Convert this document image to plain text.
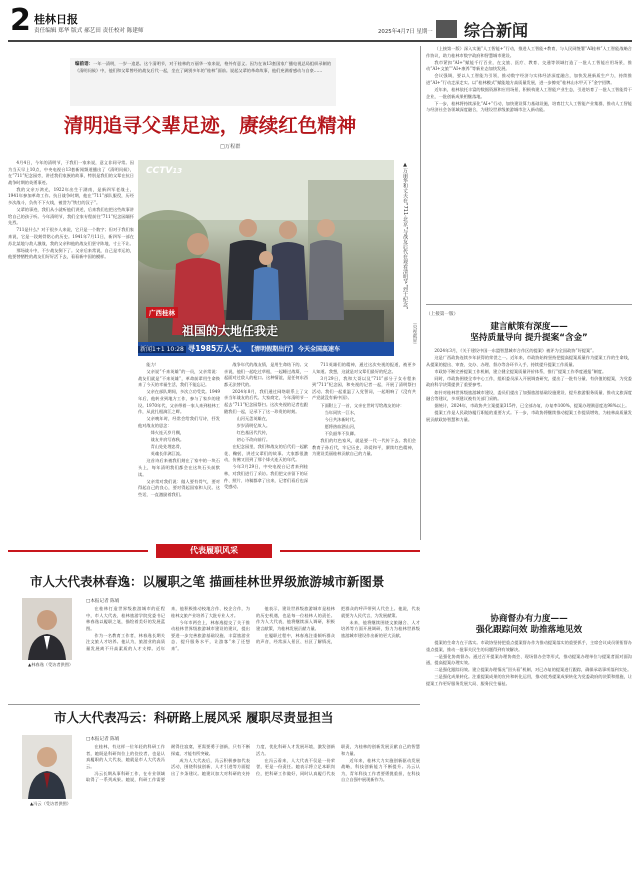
2 桂林日报
责任编辑 郑华 版式 郝艺田 责任校对 陈建师	2025年4月7日 星期一 综合新闻
编前语：一年一清明，一岁一追思。这个清明节，对于桂林的万丽华一家来说，格外有意义。因为在该13套国家广播电视总局组织录制的《清明问候》中，他们和父辈曾经的战友后代一起，坐在了阔别多年的“桂林”面前。说起父辈的革命故事，他们充满着感动与自豪……
清明追寻父辈足迹，赓续红色精神
□万程群
CCTV13
广西桂林
祖国的大地任我走
新闻1+1 10:28 寻1985万人大。 【清明假期出行】 今天全国高速车
▲万丽华和丈夫在“711·北京”与战友后代在观看清明节“烈士纪念”
（央视截屏）

4月4日，今年的清明节，于我们一家来说，意义非同寻常。因为当天早上10点，中央电视台13套新闻频道播出了《清明问候》，在“711”纪念园旁，讲述我们家族的故事，特别是我们的父辈在抗日战争时期的英勇事迹。

我的父亲万鸿光，1922年出生于湖南，是新四军老战士，1941年参加革命工作。抗日战争时期，他在“711”部队服役，历经多次战斗，负伤不下火线，被誉为“铁打的汉子”。

父辈的事迹，我们从小就听他们讲述，后来我们也把这些故事讲给自己的孩子听。今年清明节，我们全家专程前往“711”纪念园缅怀先烈。

711是什么？对于很多人来说，它只是一个数字；但对于我们家来说，它是一段刻骨铭心的历史。1941年7月11日，新四军一部在苏北某地与敌人激战，我的父亲和他的战友们坚守阵地，寸土不让。

那场战斗中，不少战友倒下了。父亲后来常说，自己是幸运的，他要替牺牲的战友们好好活下去，看看新中国的模样。

能力！

父亲说“千来英雄”的一员，父亲常说：战友们就是“不来英雄”，革命前辈用生命换来了今天的幸福生活，我们不能忘记。

父亲在部队期间，多次立功受奖。1949年后，他转业到地方工作，参与了家乡的建设。1970年代，父亲带着一家人来到桂林工作，从此扎根漓江之畔。

父亲晚年时，经常会给我们写诗，抒发他对战友的思念：

烽火连天岁月稠，

战友并肩写春秋。

青山处处埋忠骨，

英魂长伴漓江流。

这首诗后来被我们刻在了家中的一块石头上，每年清明我们都会在这块石头前默读。

父亲常对我们说：做人要有骨气，要对得起自己的良心，要对得起国家和人民。这些话，一直激励着我们。

战争年代的战友情，是用生命结下的。父亲说，他们一起吃过草根，一起睡过战壕，一起面对过敌人的枪口。这种情谊，是任何东西都无法替代的。

2024年8月，我们通过网络联系上了父亲当年战友的后代。大家商定，今年清明节一起去“711”纪念园祭扫。这次央视的记者也跟随我们一起，记录下了这一珍贵的时刻。

山河无恙英雄在，

岁岁清明忆故人。

红色基因代代传，

初心不改向前行。

在纪念园里，我们和战友的后代们一起献花、鞠躬，讲述父辈们的故事。大家都很激动，仿佛又回到了那个烽火连天的年代。

今年3月29日，中央电视台记者来到桂林，对我们进行了采访。我们把父亲留下的证件、照片、诗稿都拿了出来，记者们看后也深受感动。

711英雄们的精神，通过这次央视的报道，被更多人知道。我想，这就是对父辈们最好的纪念。

3月29日，我和大哥以及“711”部分子女专程来到“711”纪念园，和央视的记者一起，开展了清明祭扫活动。我们一起重温了入党誓词，一起唱响了《没有共产党就没有新中国》。

下面附上了一首，父亲在世时写给战友的诗：

当年同饮一江水，

今日共沐新时代。

愿将热血洒山河，

不负韶华不负卿。

我们的红色家风，就是要一代一代传下去。我们会教育子孙后代，牢记历史，珍爱和平，赓续红色精神，为建设美丽桂林贡献自己的力量。

（上接第一版）深入实施“人工智能+”行动，推进人工智能+教育，与人民网签署“AI桂林”人工智能战略合作协议，助力桂林市数字政府和智慧城市建设。

我市紧扣“AI+”赋能千行百业，在文旅、医疗、教育、交通等领域打造了一批人工智能应用场景，推动“AI+文旅”“AI+康养”等新业态加快发展。

会议强调，要以人工智能为引领，推动数字经济与实体经济深度融合，加快发展新质生产力，持续推进“AI+”行动走深走实。以“桂林模式”赋能地方高质量发展，进一步擦亮“桂林山水甲天下”金字招牌。

近年来，桂林依托丰富的数据资源和应用场景，积极构建人工智能产业生态，引进培育了一批人工智能骨干企业，一批创新成果相继落地。

下一步，桂林将持续深化“AI+”行动，加快建设算力基础设施，培育壮大人工智能产业集群，推动人工智能与经济社会各领域深度融合，为建设世界级旅游城市注入新动能。

（上接第一版）
建言献策有深度——
坚持质量导向 提升提案“含金”

2024年3月，《关于建设中国一东盟智慧城市合作区的提案》被评为全国政协“好提案”。

这是广西政协连续多年获得的荣誉之一。近年来，市政协始终坚持把提高提案质量作为提案工作的生命线，从提案的提出、审查、交办、办理、督办等各环节入手，持续提升提案工作质量。

市政协不断完善提案工作机制，建立健全提案质量评价体系，推行“提案工作季度通报”制度。

同时，市政协围绕全市中心工作，组织委员深入开展调查研究，提出了一批有分量、有价值的提案，为党委政府科学决策提供了重要参考。

如针对桂林世界级旅游城市建设，委员们提出了加强旅游基础设施建设、提升旅游服务质量、推动文旅深度融合等建议，多项建议被有关部门采纳。

据统计，2024年，市政协共立案提案315件，已全部办复，办复率100%，提案办理满意度达98%以上。

提案工作是人民政协履行职能的重要方式。下一步，市政协将继续推动提案工作提质增效，为桂林高质量发展贡献政协智慧和力量。

协商督办有力度——
强化跟踪问效 助推落地见效

提案的生命力在于落实。市政协坚持把重点提案督办作为推动提案落实的重要抓手，主席会议成员领衔督办重点提案，推动一批事关民生的问题得到有效解决。

一是强化协商督办。通过召开提案办理协商会、现场督办会等形式，推动提案办理单位与提案者面对面沟通，提高提案办理实效。

二是强化跟踪问效。建立提案办理情况“回头看”机制，对已办复的提案进行跟踪，确保承诺事项落到实处。

三是强化成果转化。注重提案成果的宣传和转化运用，推动优秀提案成果转化为党委政府的决策和措施，让提案工作更好服务发展大局、服务民生福祉。

代表履职风采
市人大代表林春逸：以履职之笔 描画桂林世界级旅游城市新图景
▲林春逸（受访者供图）
□本报记者 陈娟

在桂林打造世界级旅游城市的征程中，市人大代表、桂林旅游学院党委书记林春逸以履职之笔，描绘着美好的发展蓝图。

作为一名教育工作者，林春逸长期关注文旅人才培养。他认为，旅游业的高质量发展离不开高素质的人才支撑。近年来，他积极推动校地合作、校企合作，为桂林文旅产业培养了大批专业人才。

今年市两会上，林春逸提交了关于推动桂林世界级旅游城市建设的建议，提出要进一步完善旅游基础设施、丰富旅游业态、提升服务水平，让游客“来了还想来”。

他表示，建设世界级旅游城市是桂林的历史机遇，也是每一位桂林人的责任。作为人大代表，他将继续深入调研，积极建言献策，为桂林发展贡献力量。

在履职过程中，林春逸注重倾听群众的声音，经常深入景区、社区了解情况，把群众的呼声带到人代会上。他说，代表就要为人民代言，为发展献策。

未来，他将继续围绕文旅融合、人才培养等方面开展调研，努力为桂林世界级旅游城市建设作出新的更大贡献。

市人大代表冯云：科研路上展风采 履职尽责显担当
▲冯云（受访者供图）
□本报记者 陈娟

在桂林，有这样一位年轻的科研工作者，她既是科研岗位上的佼佼者，也是认真履职的人大代表，她就是市人大代表冯云。

冯云长期从事科研工作，在专业领域取得了一系列成果。她说，科研工作需要耐得住寂寞，更需要勇于创新，只有不断探索，才能有所突破。

成为人大代表后，冯云积极参加代表活动，围绕科技创新、人才引进等方面提出了多条建议。她建议加大对科研的支持力度，优化科研人才发展环境，激发创新活力。

在冯云看来，人大代表不仅是一份荣誉，更是一份责任。她表示将立足本职岗位，把科研工作做好，同时认真履行代表职责，为桂林的创新发展贡献自己的智慧和力量。

近年来，桂林大力实施创新驱动发展战略，科技创新能力不断提升。冯云认为，青年科技工作者要勇挑重担，在科技自立自强中展现新作为。
